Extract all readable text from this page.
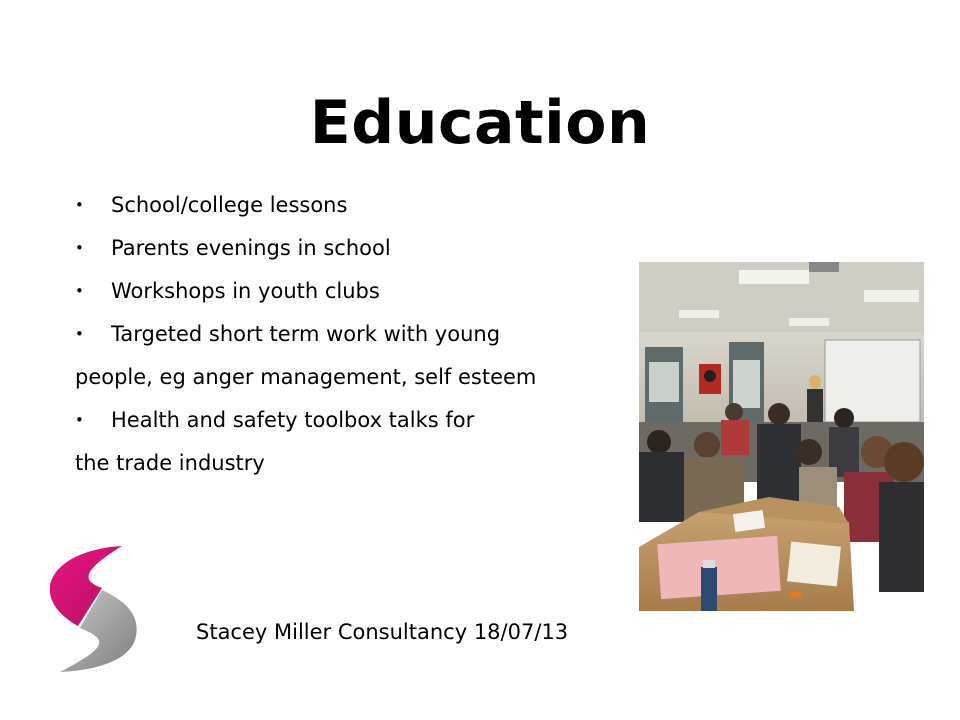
Education
• School/college lessons
• Parents evenings in school
• Workshops in youth clubs
• Targeted short term work with young
people, eg anger management, self esteem
• Health and safety toolbox talks for
the trade industry
Stacey Miller Consultancy 18/07/13
